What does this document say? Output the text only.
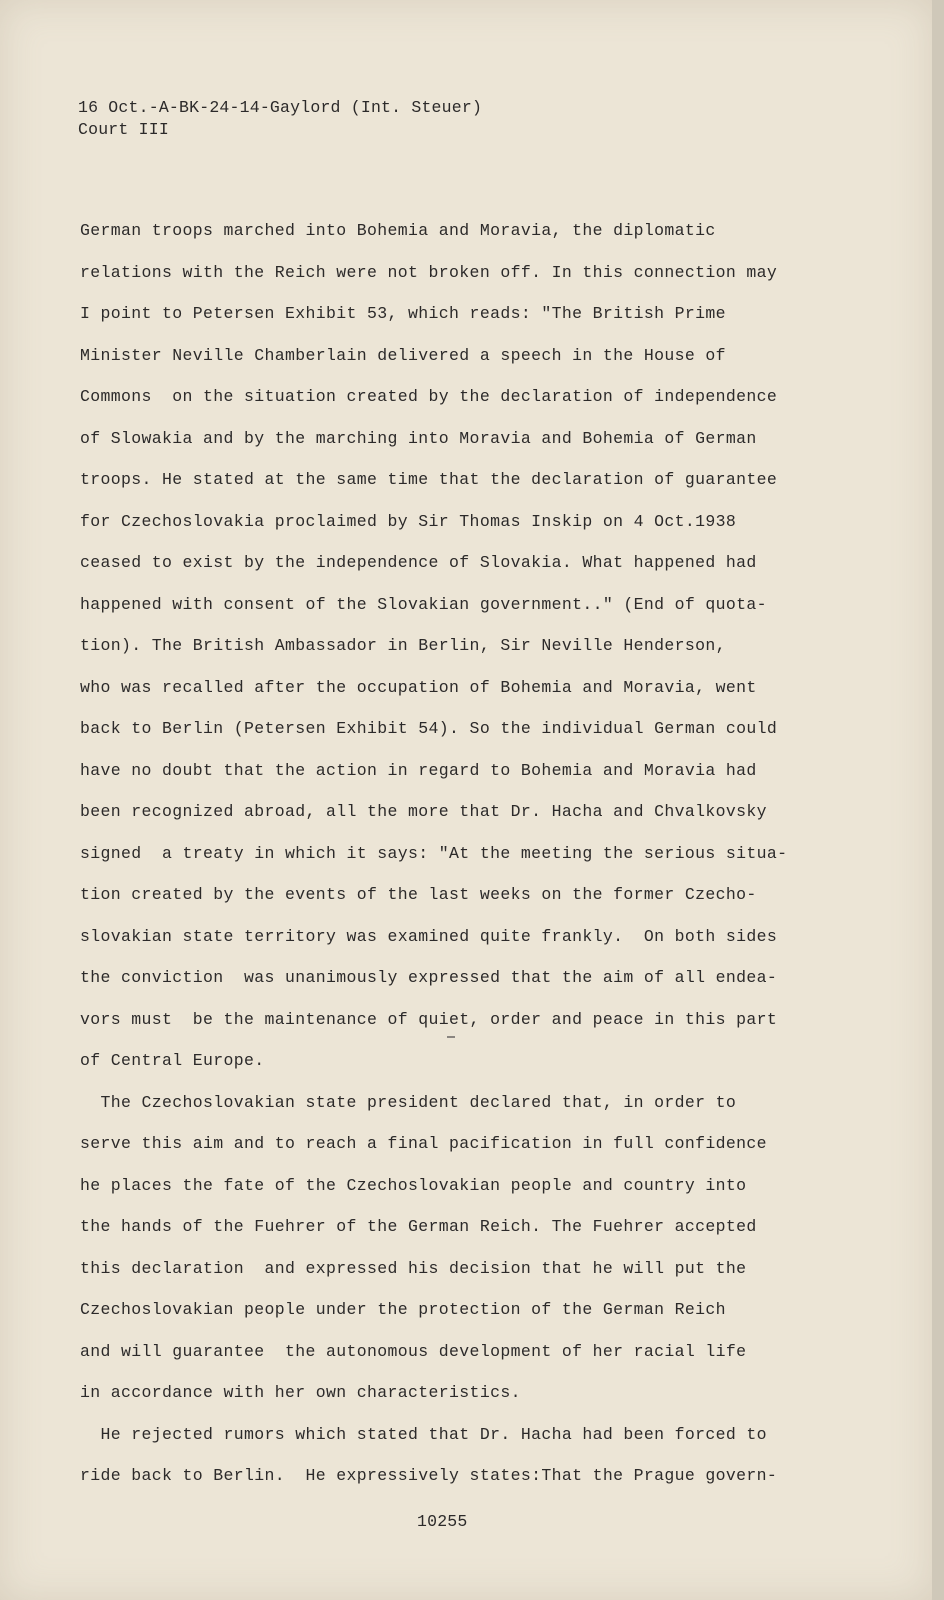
16 Oct.-A-BK-24-14-Gaylord (Int. Steuer)
Court III
German troops marched into Bohemia and Moravia, the diplomatic
relations with the Reich were not broken off. In this connection may
I point to Petersen Exhibit 53, which reads: "The British Prime
Minister Neville Chamberlain delivered a speech in the House of
Commons  on the situation created by the declaration of independence
of Slowakia and by the marching into Moravia and Bohemia of German
troops. He stated at the same time that the declaration of guarantee
for Czechoslovakia proclaimed by Sir Thomas Inskip on 4 Oct.1938
ceased to exist by the independence of Slovakia. What happened had
happened with consent of the Slovakian government.." (End of quota-
tion). The British Ambassador in Berlin, Sir Neville Henderson,
who was recalled after the occupation of Bohemia and Moravia, went
back to Berlin (Petersen Exhibit 54). So the individual German could
have no doubt that the action in regard to Bohemia and Moravia had
been recognized abroad, all the more that Dr. Hacha and Chvalkovsky
signed  a treaty in which it says: "At the meeting the serious situa-
tion created by the events of the last weeks on the former Czecho-
slovakian state territory was examined quite frankly.  On both sides
the conviction  was unanimously expressed that the aim of all endea-
vors must  be the maintenance of quiet, order and peace in this part
of Central Europe.
The Czechoslovakian state president declared that, in order to
serve this aim and to reach a final pacification in full confidence
he places the fate of the Czechoslovakian people and country into
the hands of the Fuehrer of the German Reich. The Fuehrer accepted
this declaration  and expressed his decision that he will put the
Czechoslovakian people under the protection of the German Reich
and will guarantee  the autonomous development of her racial life
in accordance with her own characteristics.
He rejected rumors which stated that Dr. Hacha had been forced to
ride back to Berlin.  He expressively states:That the Prague govern-
10255
